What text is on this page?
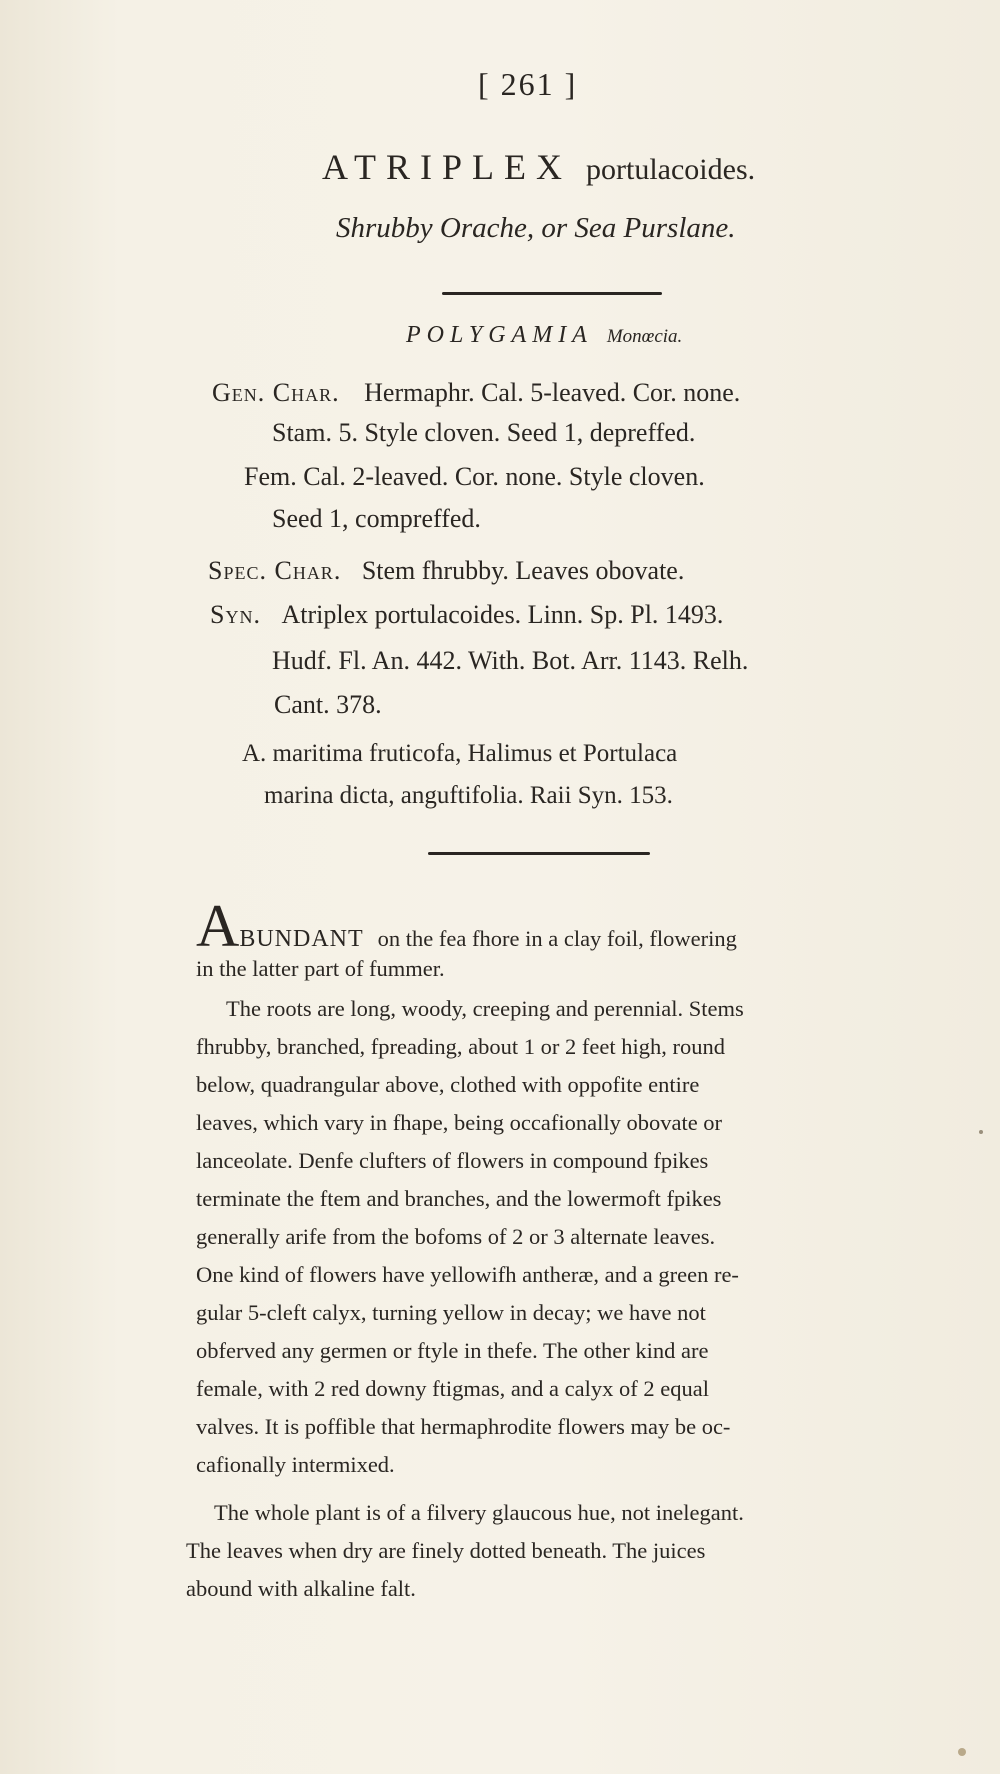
[ 261 ]
ATRIPLEX portulacoides.
Shrubby Orache, or Sea Purslane.
POLYGAMIA Monœcia.
Gen. Char. Hermaphr. Cal. 5-leaved. Cor. none.
Stam. 5. Style cloven. Seed 1, depreffed.
Fem. Cal. 2-leaved. Cor. none. Style cloven.
Seed 1, compreffed.
Spec. Char. Stem fhrubby. Leaves obovate.
Syn. Atriplex portulacoides. Linn. Sp. Pl. 1493.
Hudf. Fl. An. 442. With. Bot. Arr. 1143. Relh.
Cant. 378.
A. maritima fruticofa, Halimus et Portulaca
marina dicta, anguftifolia. Raii Syn. 153.
ABUNDANT on the fea fhore in a clay foil, flowering
in the latter part of fummer.
The roots are long, woody, creeping and perennial. Stems
fhrubby, branched, fpreading, about 1 or 2 feet high, round
below, quadrangular above, clothed with oppofite entire
leaves, which vary in fhape, being occafionally obovate or
lanceolate. Denfe clufters of flowers in compound fpikes
terminate the ftem and branches, and the lowermoft fpikes
generally arife from the bofoms of 2 or 3 alternate leaves.
One kind of flowers have yellowifh antheræ, and a green re-
gular 5-cleft calyx, turning yellow in decay; we have not
obferved any germen or ftyle in thefe. The other kind are
female, with 2 red downy ftigmas, and a calyx of 2 equal
valves. It is poffible that hermaphrodite flowers may be oc-
cafionally intermixed.
The whole plant is of a filvery glaucous hue, not inelegant.
The leaves when dry are finely dotted beneath. The juices
abound with alkaline falt.
